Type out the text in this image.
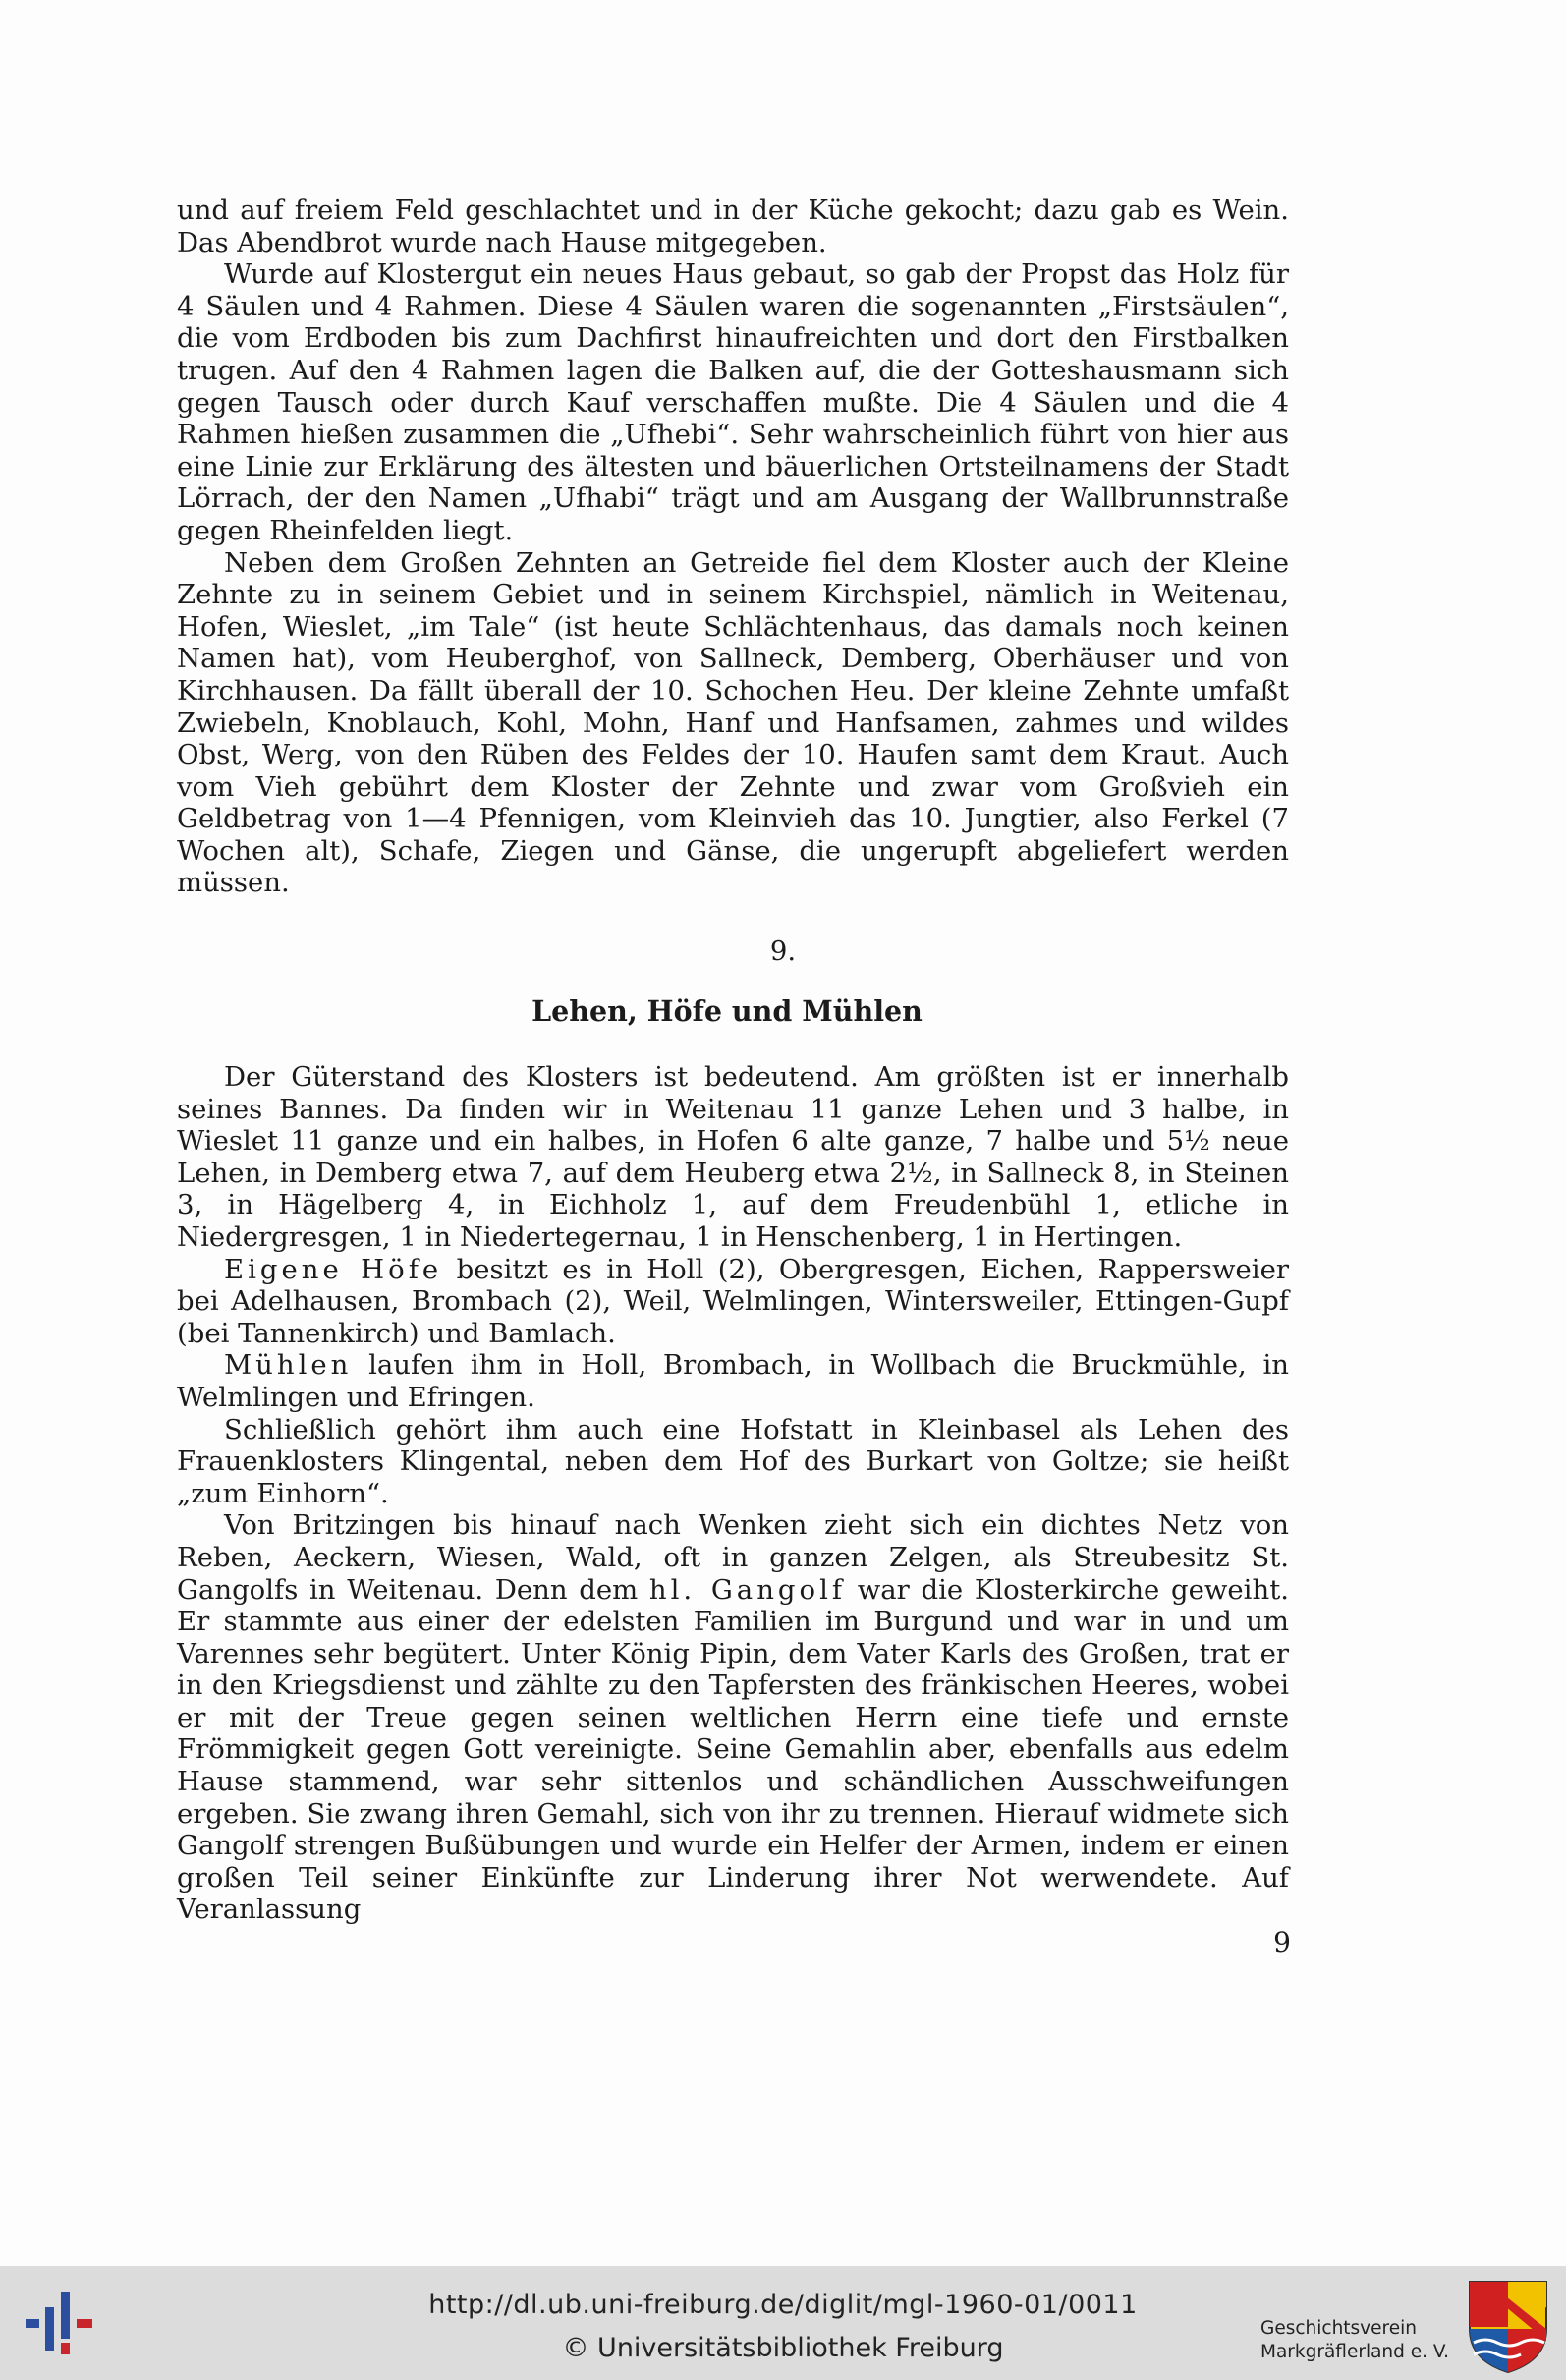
und auf freiem Feld geschlachtet und in der Küche gekocht; dazu gab es Wein. Das Abendbrot wurde nach Hause mitgegeben.

Wurde auf Klostergut ein neues Haus gebaut, so gab der Propst das Holz für 4 Säulen und 4 Rahmen. Diese 4 Säulen waren die sogenannten „Firstsäulen“, die vom Erdboden bis zum Dachfirst hinaufreichten und dort den Firstbalken trugen. Auf den 4 Rahmen lagen die Balken auf, die der Gotteshausmann sich gegen Tausch oder durch Kauf verschaffen mußte. Die 4 Säulen und die 4 Rahmen hießen zusammen die „Ufhebi“. Sehr wahrscheinlich führt von hier aus eine Linie zur Erklärung des ältesten und bäuerlichen Ortsteilnamens der Stadt Lörrach, der den Namen „Ufhabi“ trägt und am Ausgang der Wallbrunnstraße gegen Rheinfelden liegt.

Neben dem Großen Zehnten an Getreide fiel dem Kloster auch der Kleine Zehnte zu in seinem Gebiet und in seinem Kirchspiel, nämlich in Weitenau, Hofen, Wieslet, „im Tale“ (ist heute Schlächtenhaus, das damals noch keinen Namen hat), vom Heuberghof, von Sallneck, Demberg, Oberhäuser und von Kirchhausen. Da fällt überall der 10. Schochen Heu. Der kleine Zehnte umfaßt Zwiebeln, Knoblauch, Kohl, Mohn, Hanf und Hanfsamen, zahmes und wildes Obst, Werg, von den Rüben des Feldes der 10. Haufen samt dem Kraut. Auch vom Vieh gebührt dem Kloster der Zehnte und zwar vom Großvieh ein Geldbetrag von 1—4 Pfennigen, vom Kleinvieh das 10. Jungtier, also Ferkel (7 Wochen alt), Schafe, Ziegen und Gänse, die ungerupft abgeliefert werden müssen.

9.
Lehen, Höfe und Mühlen

Der Güterstand des Klosters ist bedeutend. Am größten ist er innerhalb seines Bannes. Da finden wir in Weitenau 11 ganze Lehen und 3 halbe, in Wieslet 11 ganze und ein halbes, in Hofen 6 alte ganze, 7 halbe und 5½ neue Lehen, in Demberg etwa 7, auf dem Heuberg etwa 2½, in Sallneck 8, in Steinen 3, in Hägelberg 4, in Eichholz 1, auf dem Freudenbühl 1, etliche in Niedergresgen, 1 in Niedertegernau, 1 in Henschenberg, 1 in Hertingen.

Eigene Höfe besitzt es in Holl (2), Obergresgen, Eichen, Rappersweier bei Adelhausen, Brombach (2), Weil, Welmlingen, Wintersweiler, Ettingen-Gupf (bei Tannenkirch) und Bamlach.

Mühlen laufen ihm in Holl, Brombach, in Wollbach die Bruckmühle, in Welmlingen und Efringen.

Schließlich gehört ihm auch eine Hofstatt in Kleinbasel als Lehen des Frauenklosters Klingental, neben dem Hof des Burkart von Goltze; sie heißt „zum Einhorn“.

Von Britzingen bis hinauf nach Wenken zieht sich ein dichtes Netz von Reben, Aeckern, Wiesen, Wald, oft in ganzen Zelgen, als Streubesitz St. Gangolfs in Weitenau. Denn dem hl. Gangolf war die Klosterkirche geweiht. Er stammte aus einer der edelsten Familien im Burgund und war in und um Varennes sehr begütert. Unter König Pipin, dem Vater Karls des Großen, trat er in den Kriegsdienst und zählte zu den Tapfersten des fränkischen Heeres, wobei er mit der Treue gegen seinen weltlichen Herrn eine tiefe und ernste Frömmigkeit gegen Gott vereinigte. Seine Gemahlin aber, ebenfalls aus edelm Hause stammend, war sehr sittenlos und schändlichen Ausschweifungen ergeben. Sie zwang ihren Gemahl, sich von ihr zu trennen. Hierauf widmete sich Gangolf strengen Bußübungen und wurde ein Helfer der Armen, indem er einen großen Teil seiner Einkünfte zur Linderung ihrer Not werwendete. Auf Veranlassung

9
http://dl.ub.uni-freiburg.de/diglit/mgl-1960-01/0011
© Universitätsbibliothek Freiburg
Geschichtsverein
Markgräflerland e. V.
